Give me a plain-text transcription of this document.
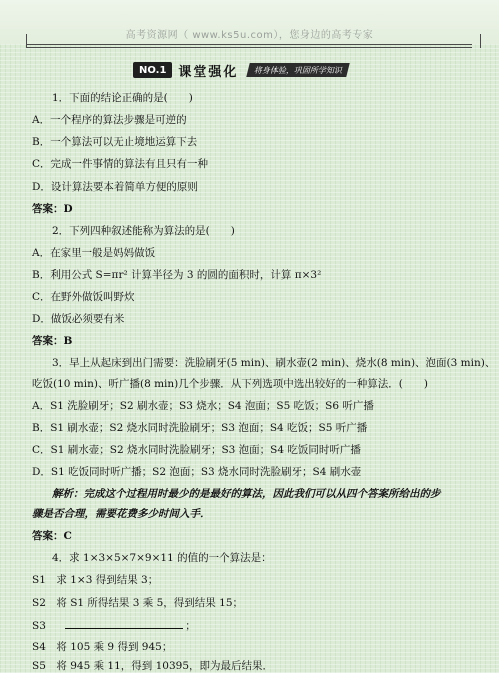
高考资源网（ www.ks5u.com），您身边的高考专家
NO.1 课堂强化 将身体验，巩固所学知识
1．下面的结论正确的是(　　)
A．一个程序的算法步骤是可逆的
B．一个算法可以无止境地运算下去
C．完成一件事情的算法有且只有一种
D．设计算法要本着简单方便的原则
答案：D
2．下列四种叙述能称为算法的是(　　)
A．在家里一般是妈妈做饭
B．利用公式 S=πr² 计算半径为 3 的圆的面积时，计算 π×3²
C．在野外做饭叫野炊
D．做饭必须要有米
答案：B
3．早上从起床到出门需要：洗脸刷牙(5 min)、刷水壶(2 min)、烧水(8 min)、泡面(3 min)、
吃饭(10 min)、听广播(8 min)几个步骤．从下列选项中选出较好的一种算法．(　　)
A．S1 洗脸刷牙；S2 刷水壶；S3 烧水；S4 泡面；S5 吃饭；S6 听广播
B．S1 刷水壶；S2 烧水同时洗脸刷牙；S3 泡面；S4 吃饭；S5 听广播
C．S1 刷水壶；S2 烧水同时洗脸刷牙；S3 泡面；S4 吃饭同时听广播
D．S1 吃饭同时听广播；S2 泡面；S3 烧水同时洗脸刷牙；S4 刷水壶
解析：完成这个过程用时最少的是最好的算法，因此我们可以从四个答案所给出的步
骤是否合理，需要花费多少时间入手．
答案：C
4．求 1×3×5×7×9×11 的值的一个算法是：
S1　求 1×3 得到结果 3；
S2　将 S1 所得结果 3 乘 5，得到结果 15；
S3	；
S4　将 105 乘 9 得到 945；
S5　将 945 乘 11，得到 10395，即为最后结果．
